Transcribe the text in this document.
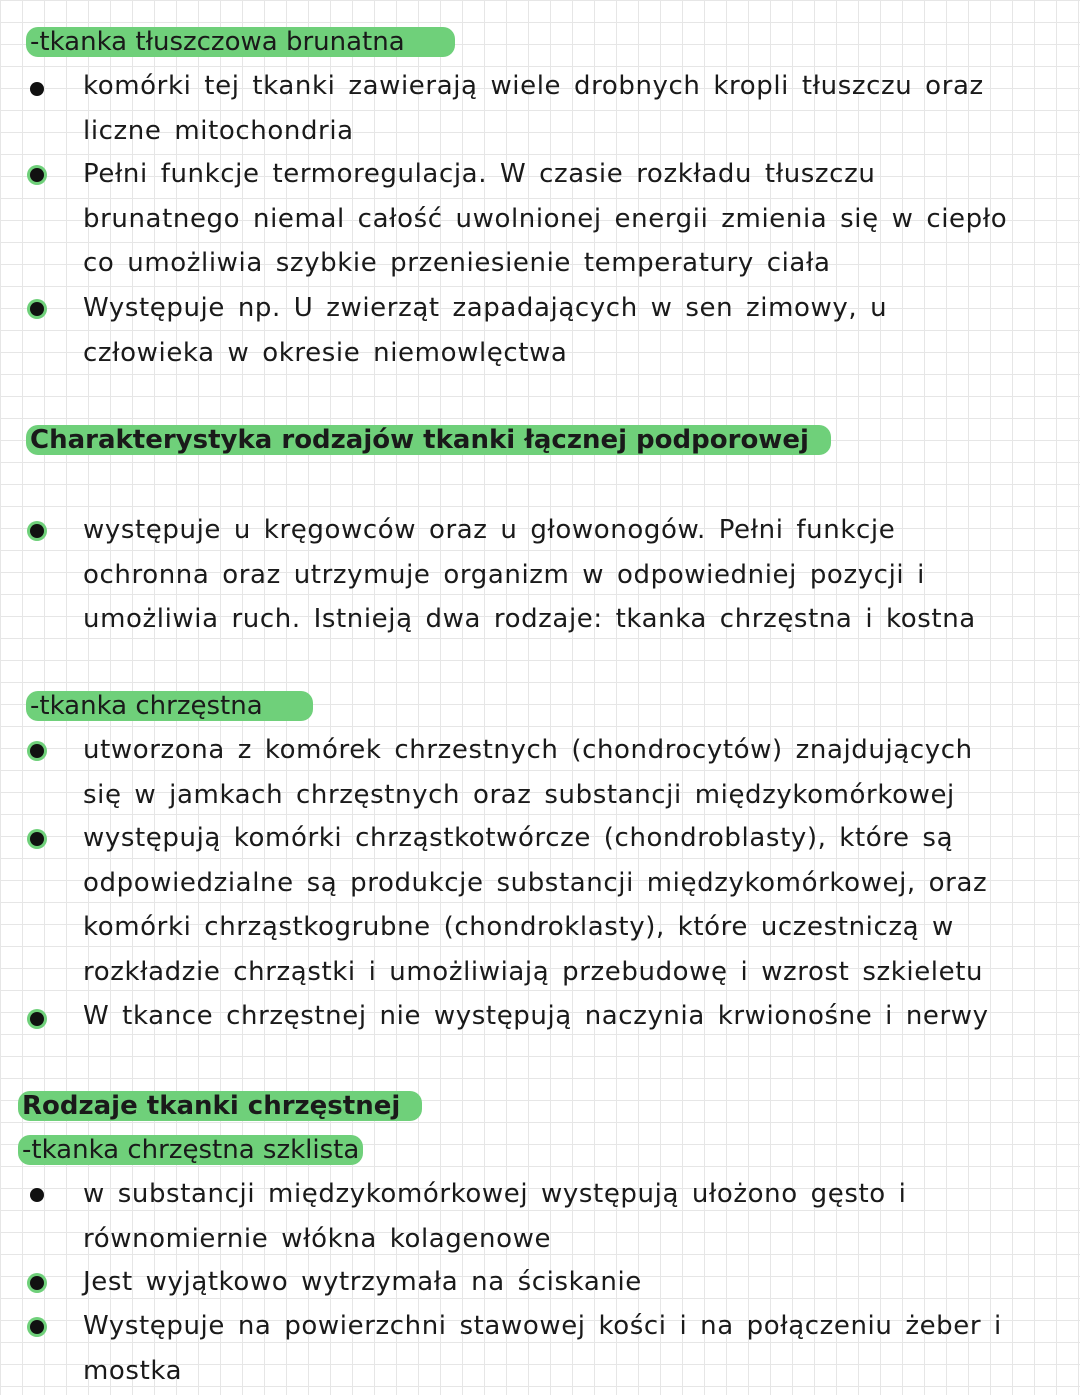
-tkanka tłuszczowa brunatna
komórki tej tkanki zawierają wiele drobnych kropli tłuszczu oraz liczne mitochondria
Pełni funkcje termoregulacja. W czasie rozkładu tłuszczu brunatnego niemal całość uwolnionej energii zmienia się w ciepło co umożliwia szybkie przeniesienie temperatury ciała
Występuje np. U zwierząt zapadających w sen zimowy, u człowieka w okresie niemowlęctwa
Charakterystyka rodzajów tkanki łącznej podporowej
występuje u kręgowców oraz u głowonogów. Pełni funkcje ochronna oraz utrzymuje organizm w odpowiedniej pozycji i umożliwia ruch. Istnieją dwa rodzaje: tkanka chrzęstna i kostna
-tkanka chrzęstna
utworzona z komórek chrzestnych (chondrocytów) znajdujących się w jamkach chrzęstnych oraz substancji międzykomórkowej
występują komórki chrząstkotwórcze (chondroblasty), które są odpowiedzialne są produkcje substancji międzykomórkowej, oraz komórki chrząstkogrubne (chondroklasty), które uczestniczą w rozkładzie chrząstki i umożliwiają przebudowę i wzrost szkieletu
W tkance chrzęstnej nie występują naczynia krwionośne i nerwy
Rodzaje tkanki chrzęstnej
-tkanka chrzęstna szklista
w substancji międzykomórkowej występują ułożono gęsto i równomiernie włókna kolagenowe
Jest wyjątkowo wytrzymała na ściskanie
Występuje na powierzchni stawowej kości i na połączeniu żeber i mostka
